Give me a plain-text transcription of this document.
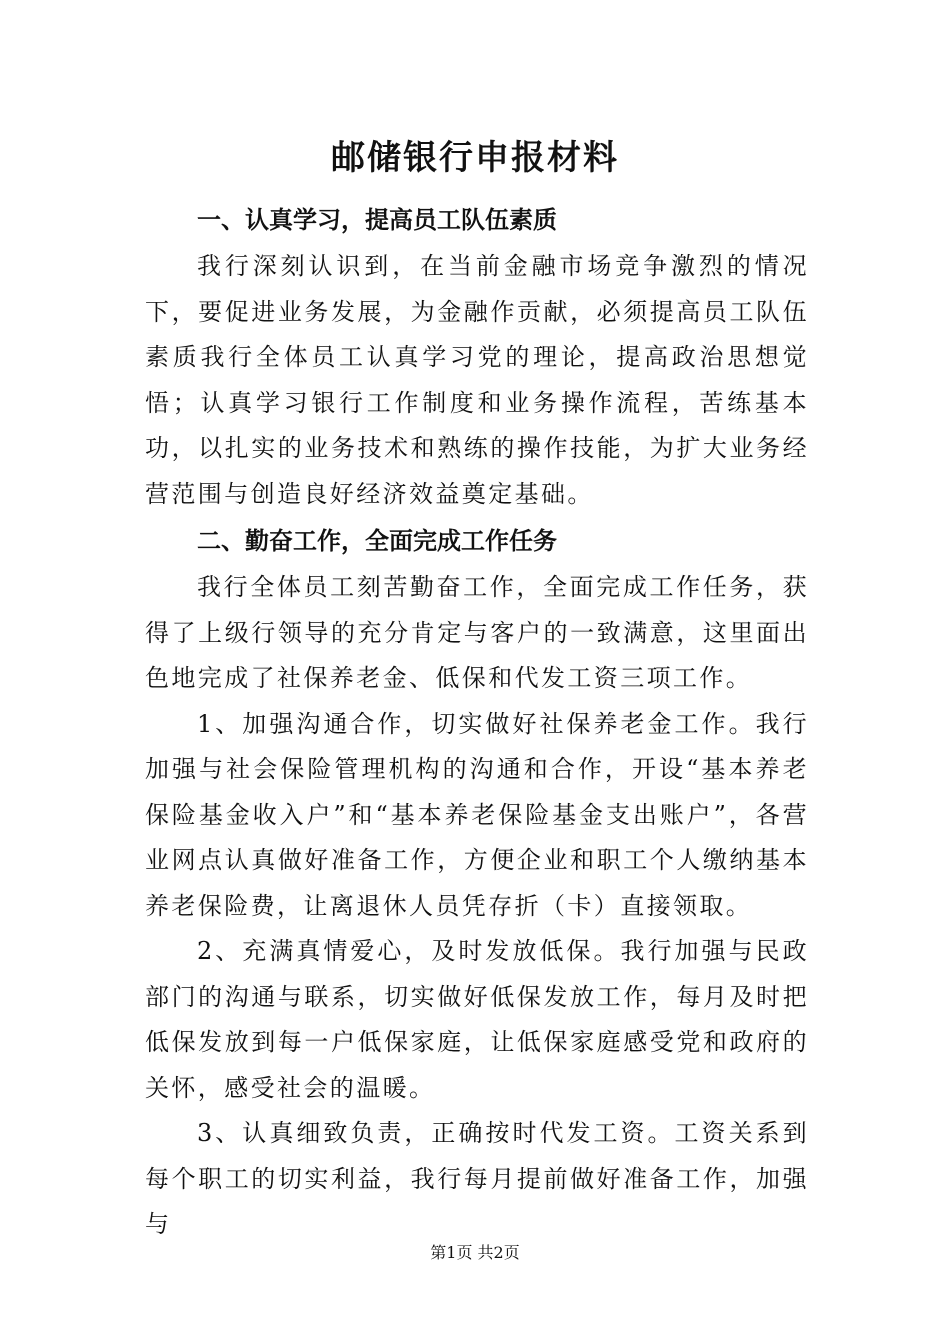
邮储银行申报材料
一、认真学习，提高员工队伍素质

我行深刻认识到，在当前金融市场竞争激烈的情况下，要促进业务发展，为金融作贡献，必须提高员工队伍素质我行全体员工认真学习党的理论，提高政治思想觉悟；认真学习银行工作制度和业务操作流程，苦练基本功，以扎实的业务技术和熟练的操作技能，为扩大业务经营范围与创造良好经济效益奠定基础。

二、勤奋工作，全面完成工作任务

我行全体员工刻苦勤奋工作，全面完成工作任务，获得了上级行领导的充分肯定与客户的一致满意，这里面出色地完成了社保养老金、低保和代发工资三项工作。

1、加强沟通合作，切实做好社保养老金工作。我行加强与社会保险管理机构的沟通和合作，开设“基本养老保险基金收入户”和“基本养老保险基金支出账户”，各营业网点认真做好准备工作，方便企业和职工个人缴纳基本养老保险费，让离退休人员凭存折（卡）直接领取。

2、充满真情爱心，及时发放低保。我行加强与民政部门的沟通与联系，切实做好低保发放工作，每月及时把低保发放到每一户低保家庭，让低保家庭感受党和政府的关怀，感受社会的温暖。

3、认真细致负责，正确按时代发工资。工资关系到每个职工的切实利益，我行每月提前做好准备工作，加强与

第1页 共2页
